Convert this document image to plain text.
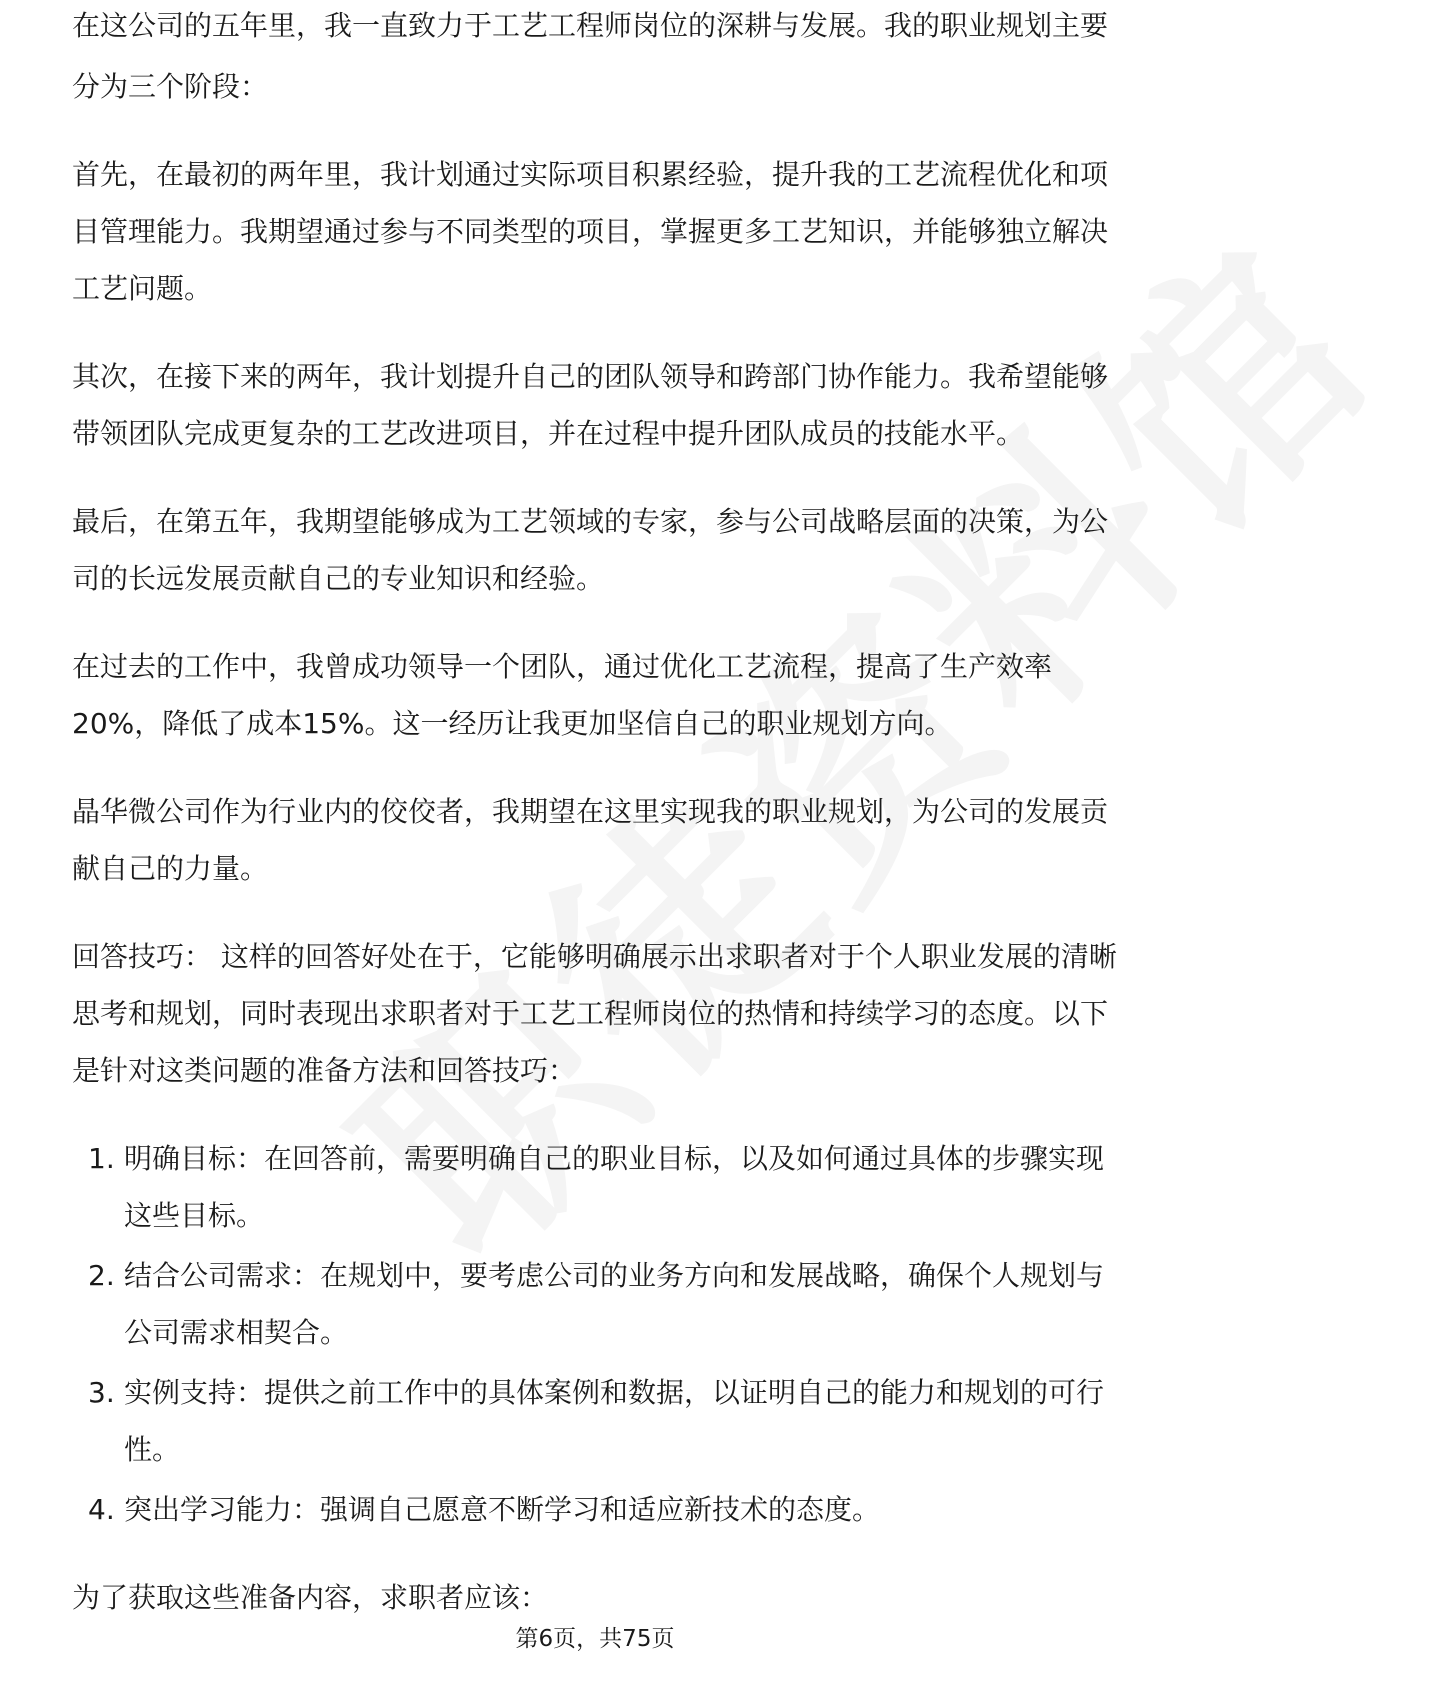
在这公司的五年里，我一直致力于工艺工程师岗位的深耕与发展。我的职业规划主要

分为三个阶段：

首先，在最初的两年里，我计划通过实际项目积累经验，提升我的工艺流程优化和项目管理能力。我期望通过参与不同类型的项目，掌握更多工艺知识，并能够独立解决工艺问题。

其次，在接下来的两年，我计划提升自己的团队领导和跨部门协作能力。我希望能够带领团队完成更复杂的工艺改进项目，并在过程中提升团队成员的技能水平。

最后，在第五年，我期望能够成为工艺领域的专家，参与公司战略层面的决策，为公司的长远发展贡献自己的专业知识和经验。

在过去的工作中，我曾成功领导一个团队，通过优化工艺流程，提高了生产效率20%，降低了成本15%。这一经历让我更加坚信自己的职业规划方向。

晶华微公司作为行业内的佼佼者，我期望在这里实现我的职业规划，为公司的发展贡献自己的力量。

回答技巧： 这样的回答好处在于，它能够明确展示出求职者对于个人职业发展的清晰思考和规划，同时表现出求职者对于工艺工程师岗位的热情和持续学习的态度。以下是针对这类问题的准备方法和回答技巧：

1. 明确目标：在回答前，需要明确自己的职业目标，以及如何通过具体的步骤实现这些目标。
2. 结合公司需求：在规划中，要考虑公司的业务方向和发展战略，确保个人规划与公司需求相契合。
3. 实例支持：提供之前工作中的具体案例和数据，以证明自己的能力和规划的可行性。
4. 突出学习能力：强调自己愿意不断学习和适应新技术的态度。

为了获取这些准备内容，求职者应该：

第6页，共75页
